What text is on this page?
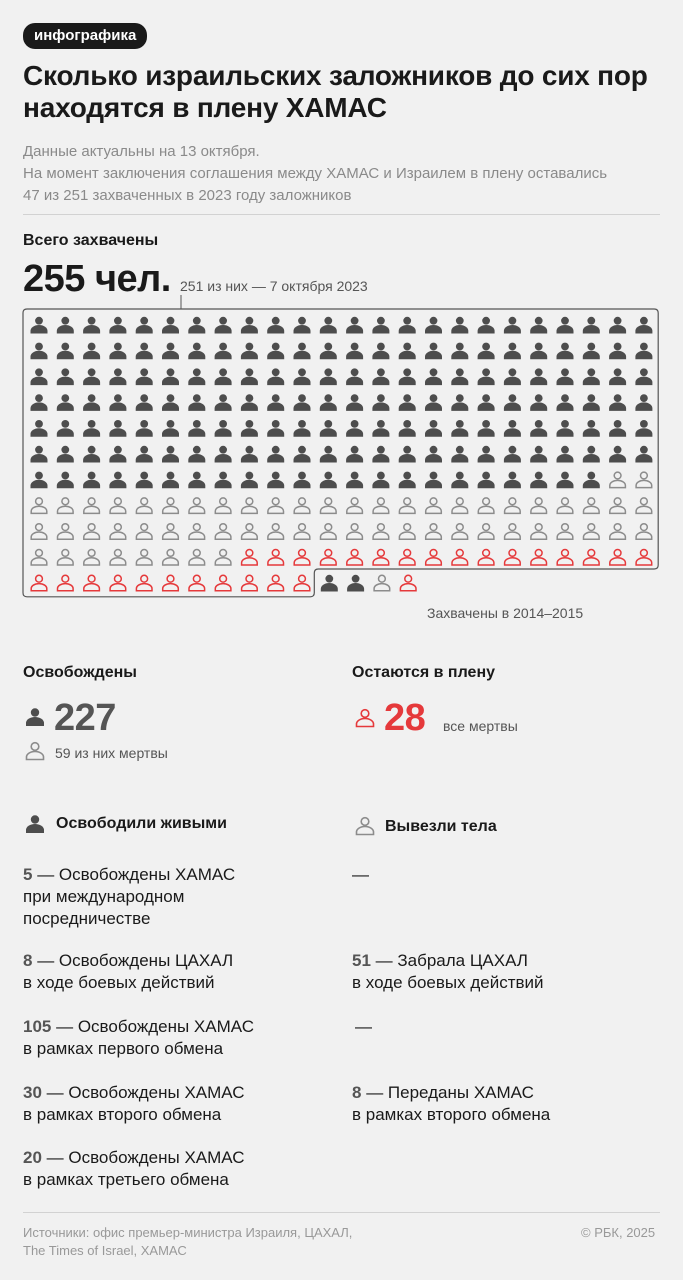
инфографика
Сколько израильских заложников до сих пор находятся в плену ХАМАС
Данные актуальны на 13 октября.
На момент заключения соглашения между ХАМАС и Израилем в плену оставались
47 из 251 захваченных в 2023 году заложников
Всего захвачены
255 чел. 251 из них — 7 октября 2023
Захвачены в 2014–2015
Освобождены
227
59 из них мертвы
Остаются в плену
28 все мертвы
Освободили живыми	Вывезли тела
5 — Освобождены ХАМАС
при международном
посредничестве
—
8 — Освобождены ЦАХАЛ
в ходе боевых действий
51 — Забрала ЦАХАЛ
в ходе боевых действий
105 — Освобождены ХАМАС
в рамках первого обмена
—
30 — Освобождены ХАМАС
в рамках второго обмена
8 — Переданы ХАМАС
в рамках второго обмена
20 — Освобождены ХАМАС
в рамках третьего обмена
Источники: офис премьер-министра Израиля, ЦАХАЛ,
The Times of Israel, ХАМАС
© РБК, 2025
